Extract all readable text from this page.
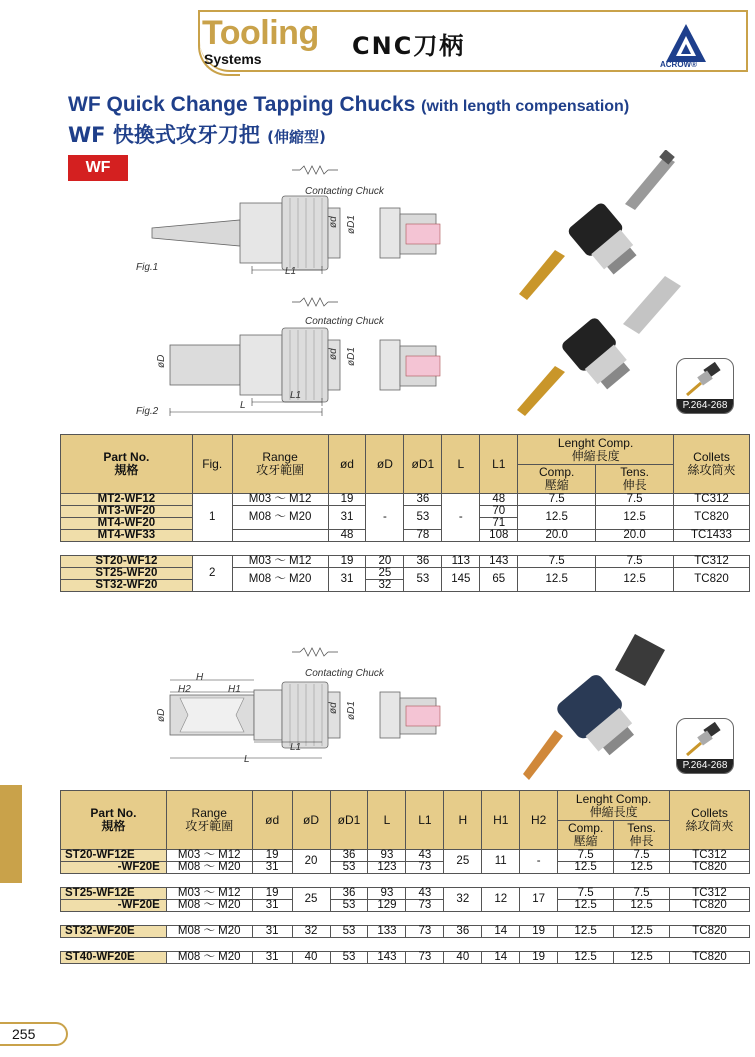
Tooling
Systems	CNC刀柄
ACROW®
WF Quick Change Tapping Chucks (with length compensation)
WF 快換式攻牙刀把 (伸縮型)
WF
Contacting Chuck
ød øD1
L1
Fig.1
Contacting Chuck
øD
ød øD1
L1
L
Fig.2
P.264-268
Part No.
規格	Fig.	Range
攻牙範圍	ød	øD	øD1	L	L1	Lenght Comp.
伸縮長度		Collets
絲攻筒夾
								Comp.
壓縮	Tens.
伸長	
MT2-WF12	1	M03 ～ M12	19	-	36	-	48	7.5	7.5	TC312
MT3-WF20		M08 ～ M20	31		53		70	12.5	12.5	TC820
MT4-WF20							71			
MT4-WF33			48		78		108	20.0	20.0	TC1433

ST20-WF12	2	M03 ～ M12	19	20	36	113	143	7.5	7.5	TC312
ST25-WF20		M08 ～ M20	31	25	53	145	65	12.5	12.5	TC820
ST32-WF20				32						
Contacting Chuck
H
H2	H1
øD
ød øD1
L1
L
P.264-268
Part No.
規格	Range
攻牙範圍	ød	øD	øD1	L	L1	H	H1	H2	Lenght Comp.
伸縮長度		Collets
絲攻筒夾
										Comp.
壓縮	Tens.
伸長	
ST20-WF12E	M03 ～ M12	19	20	36	93	43	25	11	-	7.5	7.5	TC312
-WF20E	M08 ～ M20	31		53	123	73				12.5	12.5	TC820

ST25-WF12E	M03 ～ M12	19	25	36	93	43	32	12	17	7.5	7.5	TC312
-WF20E	M08 ～ M20	31		53	129	73				12.5	12.5	TC820

ST32-WF20E	M08 ～ M20	31	32	53	133	73	36	14	19	12.5	12.5	TC820

ST40-WF20E	M08 ～ M20	31	40	53	143	73	40	14	19	12.5	12.5	TC820
255
